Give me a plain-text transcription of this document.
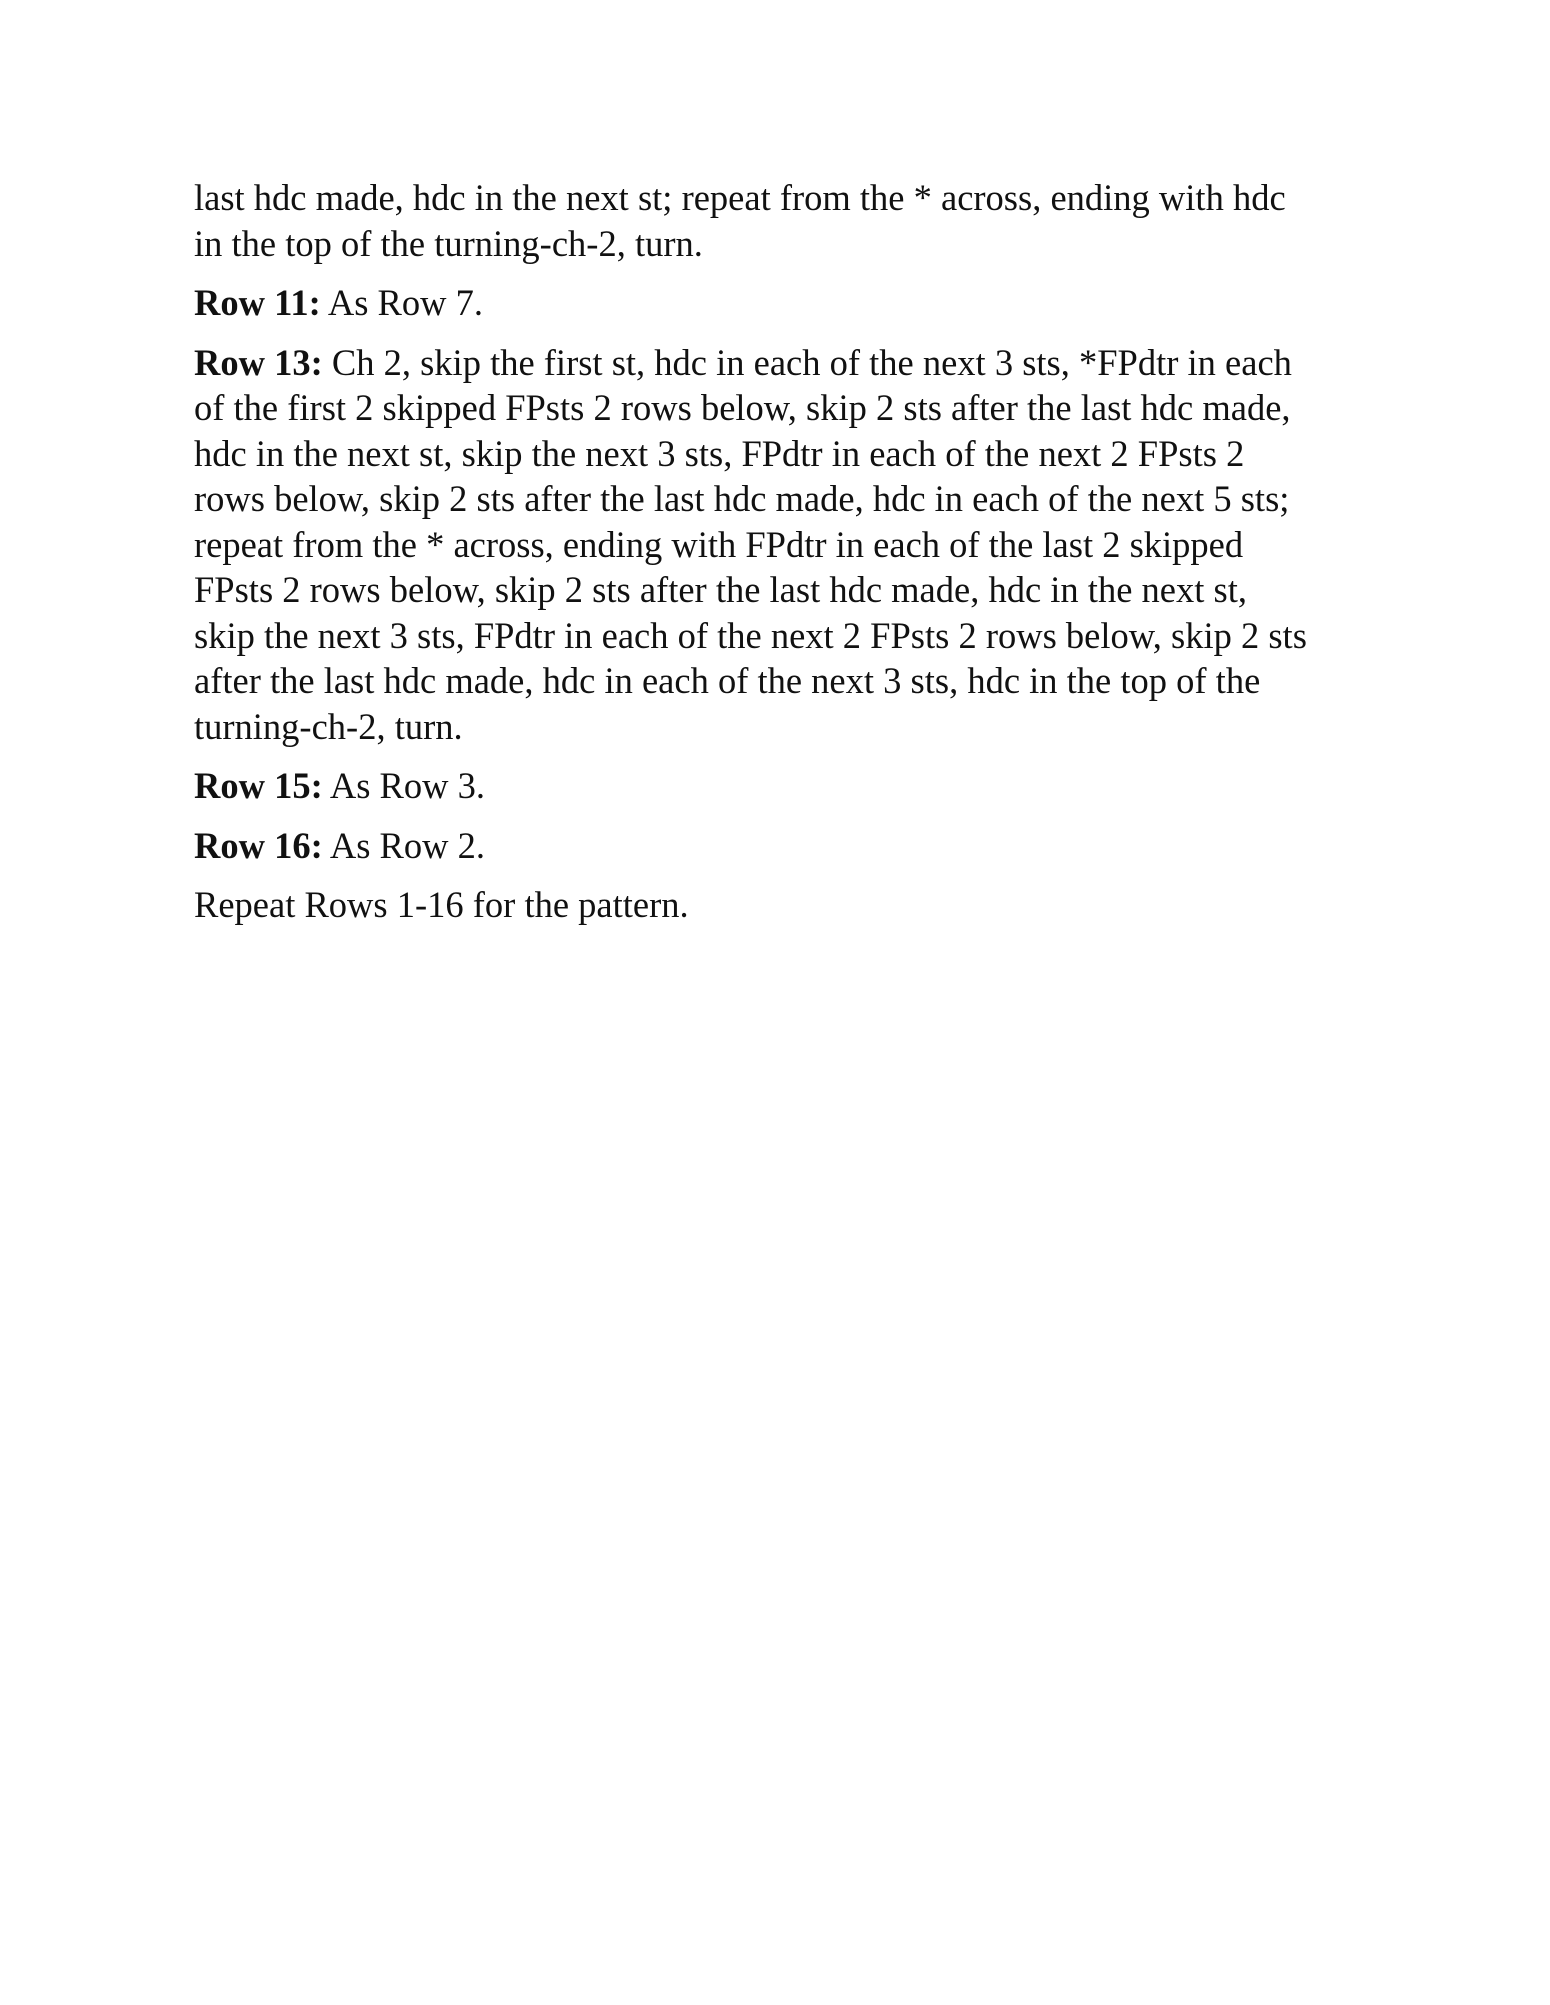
last hdc made, hdc in the next st; repeat from the * across, ending with hdc
in the top of the turning-ch-2, turn.

Row 11: As Row 7.

Row 13: Ch 2, skip the first st, hdc in each of the next 3 sts, *FPdtr in each
of the first 2 skipped FPsts 2 rows below, skip 2 sts after the last hdc made,
hdc in the next st, skip the next 3 sts, FPdtr in each of the next 2 FPsts 2
rows below, skip 2 sts after the last hdc made, hdc in each of the next 5 sts;
repeat from the * across, ending with FPdtr in each of the last 2 skipped
FPsts 2 rows below, skip 2 sts after the last hdc made, hdc in the next st,
skip the next 3 sts, FPdtr in each of the next 2 FPsts 2 rows below, skip 2 sts
after the last hdc made, hdc in each of the next 3 sts, hdc in the top of the
turning-ch-2, turn.

Row 15: As Row 3.

Row 16: As Row 2.

Repeat Rows 1-16 for the pattern.
